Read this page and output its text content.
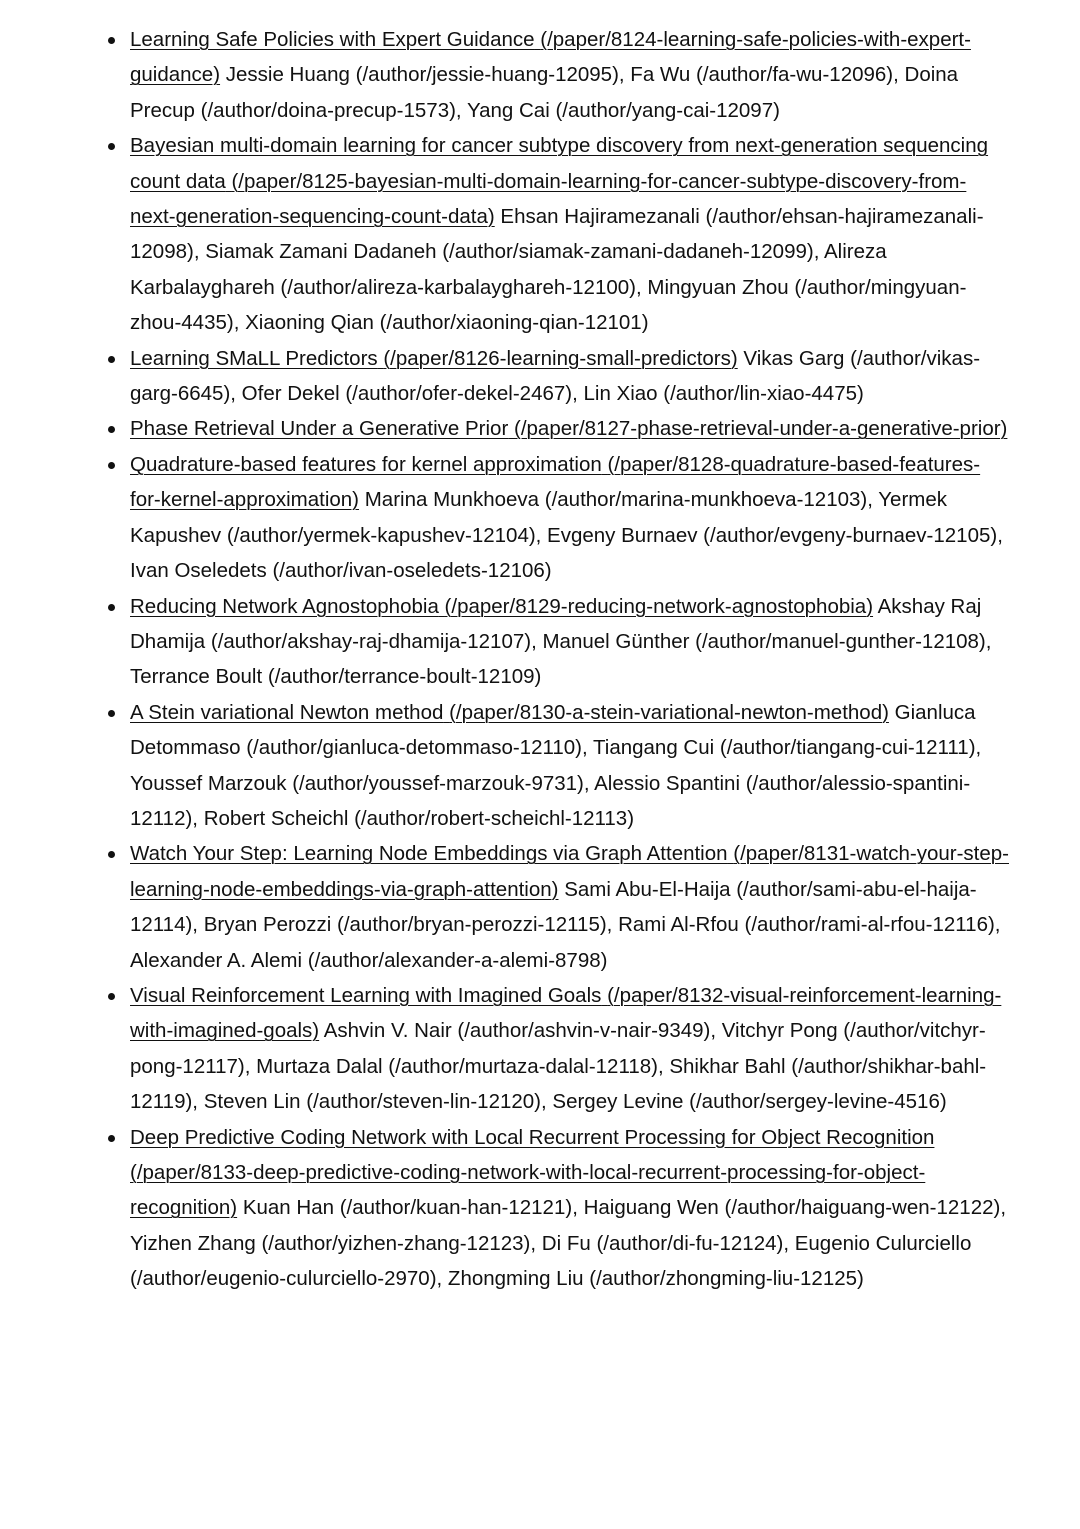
Learning Safe Policies with Expert Guidance (/paper/8124-learning-safe-policies-with-expert-guidance) Jessie Huang (/author/jessie-huang-12095), Fa Wu (/author/fa-wu-12096), Doina Precup (/author/doina-precup-1573), Yang Cai (/author/yang-cai-12097)
Bayesian multi-domain learning for cancer subtype discovery from next-generation sequencing count data (/paper/8125-bayesian-multi-domain-learning-for-cancer-subtype-discovery-from-next-generation-sequencing-count-data) Ehsan Hajiramezanali (/author/ehsan-hajiramezanali-12098), Siamak Zamani Dadaneh (/author/siamak-zamani-dadaneh-12099), Alireza Karbalayghareh (/author/alireza-karbalayghareh-12100), Mingyuan Zhou (/author/mingyuan-zhou-4435), Xiaoning Qian (/author/xiaoning-qian-12101)
Learning SMaLL Predictors (/paper/8126-learning-small-predictors) Vikas Garg (/author/vikas-garg-6645), Ofer Dekel (/author/ofer-dekel-2467), Lin Xiao (/author/lin-xiao-4475)
Phase Retrieval Under a Generative Prior (/paper/8127-phase-retrieval-under-a-generative-prior)
Quadrature-based features for kernel approximation (/paper/8128-quadrature-based-features-for-kernel-approximation) Marina Munkhoeva (/author/marina-munkhoeva-12103), Yermek Kapushev (/author/yermek-kapushev-12104), Evgeny Burnaev (/author/evgeny-burnaev-12105), Ivan Oseledets (/author/ivan-oseledets-12106)
Reducing Network Agnostophobia (/paper/8129-reducing-network-agnostophobia) Akshay Raj Dhamija (/author/akshay-raj-dhamija-12107), Manuel Günther (/author/manuel-gunther-12108), Terrance Boult (/author/terrance-boult-12109)
A Stein variational Newton method (/paper/8130-a-stein-variational-newton-method) Gianluca Detommaso (/author/gianluca-detommaso-12110), Tiangang Cui (/author/tiangang-cui-12111), Youssef Marzouk (/author/youssef-marzouk-9731), Alessio Spantini (/author/alessio-spantini-12112), Robert Scheichl (/author/robert-scheichl-12113)
Watch Your Step: Learning Node Embeddings via Graph Attention (/paper/8131-watch-your-step-learning-node-embeddings-via-graph-attention) Sami Abu-El-Haija (/author/sami-abu-el-haija-12114), Bryan Perozzi (/author/bryan-perozzi-12115), Rami Al-Rfou (/author/rami-al-rfou-12116), Alexander A. Alemi (/author/alexander-a-alemi-8798)
Visual Reinforcement Learning with Imagined Goals (/paper/8132-visual-reinforcement-learning-with-imagined-goals) Ashvin V. Nair (/author/ashvin-v-nair-9349), Vitchyr Pong (/author/vitchyr-pong-12117), Murtaza Dalal (/author/murtaza-dalal-12118), Shikhar Bahl (/author/shikhar-bahl-12119), Steven Lin (/author/steven-lin-12120), Sergey Levine (/author/sergey-levine-4516)
Deep Predictive Coding Network with Local Recurrent Processing for Object Recognition (/paper/8133-deep-predictive-coding-network-with-local-recurrent-processing-for-object-recognition) Kuan Han (/author/kuan-han-12121), Haiguang Wen (/author/haiguang-wen-12122), Yizhen Zhang (/author/yizhen-zhang-12123), Di Fu (/author/di-fu-12124), Eugenio Culurciello (/author/eugenio-culurciello-2970), Zhongming Liu (/author/zhongming-liu-12125)
